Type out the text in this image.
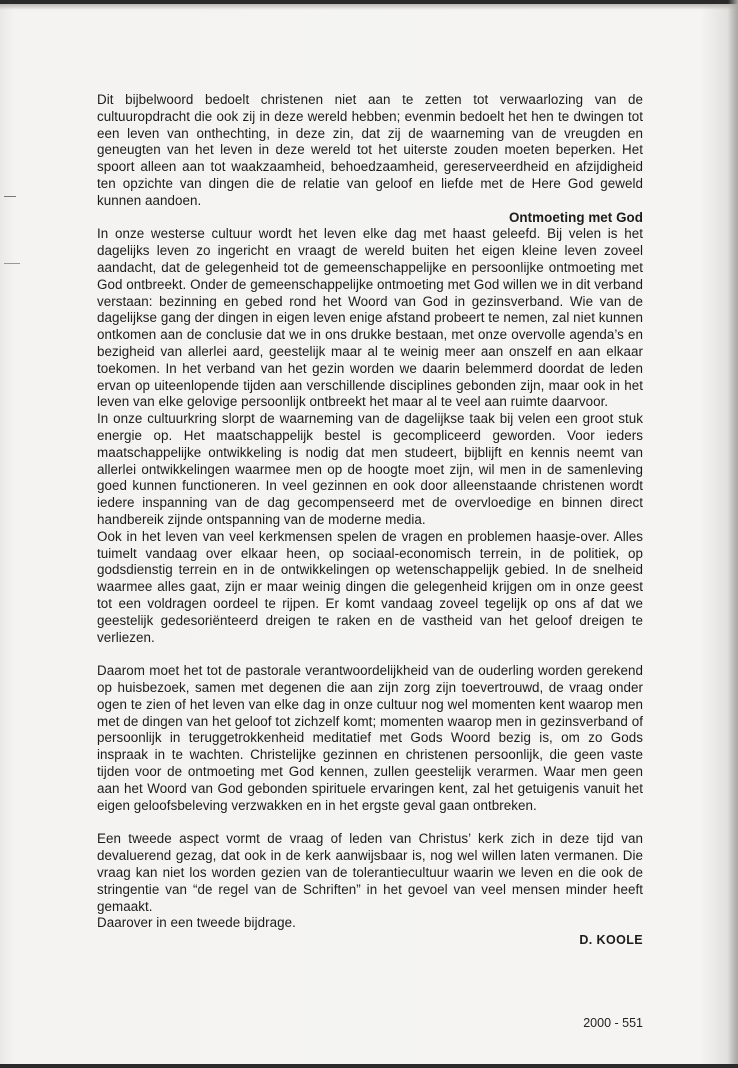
Dit bijbelwoord bedoelt christenen niet aan te zetten tot verwaarlozing van de cultuuropdracht die ook zij in deze wereld hebben; evenmin bedoelt het hen te dwingen tot een leven van onthechting, in deze zin, dat zij de waarneming van de vreugden en geneugten van het leven in deze wereld tot het uiterste zouden moeten beperken. Het spoort alleen aan tot waakzaamheid, behoedzaamheid, gereserveerdheid en afzijdigheid ten opzichte van dingen die de relatie van geloof en liefde met de Here God geweld kunnen aandoen.

Ontmoeting met God

In onze westerse cultuur wordt het leven elke dag met haast geleefd. Bij velen is het dagelijks leven zo ingericht en vraagt de wereld buiten het eigen kleine leven zoveel aandacht, dat de gelegenheid tot de gemeenschappelijke en persoonlijke ontmoeting met God ontbreekt. Onder de gemeenschappelijke ontmoeting met God willen we in dit verband verstaan: bezinning en gebed rond het Woord van God in gezinsverband. Wie van de dagelijkse gang der dingen in eigen leven enige afstand probeert te nemen, zal niet kunnen ontkomen aan de conclusie dat we in ons drukke bestaan, met onze overvolle agenda’s en bezigheid van allerlei aard, geestelijk maar al te weinig meer aan onszelf en aan elkaar toekomen. In het verband van het gezin worden we daarin belemmerd doordat de leden ervan op uiteenlopende tijden aan verschillende disciplines gebonden zijn, maar ook in het leven van elke gelovige persoonlijk ontbreekt het maar al te veel aan ruimte daarvoor.

In onze cultuurkring slorpt de waarneming van de dagelijkse taak bij velen een groot stuk energie op. Het maatschappelijk bestel is gecompliceerd geworden. Voor ieders maatschappelijke ontwikkeling is nodig dat men studeert, bijblijft en kennis neemt van allerlei ontwikkelingen waarmee men op de hoogte moet zijn, wil men in de samenleving goed kunnen functioneren. In veel gezinnen en ook door alleenstaande christenen wordt iedere inspanning van de dag gecompenseerd met de overvloedige en binnen direct handbereik zijnde ontspanning van de moderne media.

Ook in het leven van veel kerkmensen spelen de vragen en problemen haasje-over. Alles tuimelt vandaag over elkaar heen, op sociaal-economisch terrein, in de politiek, op godsdienstig terrein en in de ontwikkelingen op wetenschappelijk gebied. In de snelheid waarmee alles gaat, zijn er maar weinig dingen die gelegenheid krijgen om in onze geest tot een voldragen oordeel te rijpen. Er komt vandaag zoveel tegelijk op ons af dat we geestelijk gedesoriënteerd dreigen te raken en de vastheid van het geloof dreigen te verliezen.

Daarom moet het tot de pastorale verantwoordelijkheid van de ouderling worden gerekend op huisbezoek, samen met degenen die aan zijn zorg zijn toevertrouwd, de vraag onder ogen te zien of het leven van elke dag in onze cultuur nog wel momenten kent waarop men met de dingen van het geloof tot zichzelf komt; momenten waarop men in gezinsverband of persoonlijk in teruggetrokkenheid meditatief met Gods Woord bezig is, om zo Gods inspraak in te wachten. Christelijke gezinnen en christenen persoonlijk, die geen vaste tijden voor de ontmoeting met God kennen, zullen geestelijk verarmen. Waar men geen aan het Woord van God gebonden spirituele ervaringen kent, zal het getuigenis vanuit het eigen geloofsbeleving verzwakken en in het ergste geval gaan ontbreken.

Een tweede aspect vormt de vraag of leden van Christus’ kerk zich in deze tijd van devaluerend gezag, dat ook in de kerk aanwijsbaar is, nog wel willen laten vermanen. Die vraag kan niet los worden gezien van de tolerantiecultuur waarin we leven en die ook de stringentie van “de regel van de Schriften” in het gevoel van veel mensen minder heeft gemaakt.

Daarover in een tweede bijdrage.

D. KOOLE

2000 - 551
